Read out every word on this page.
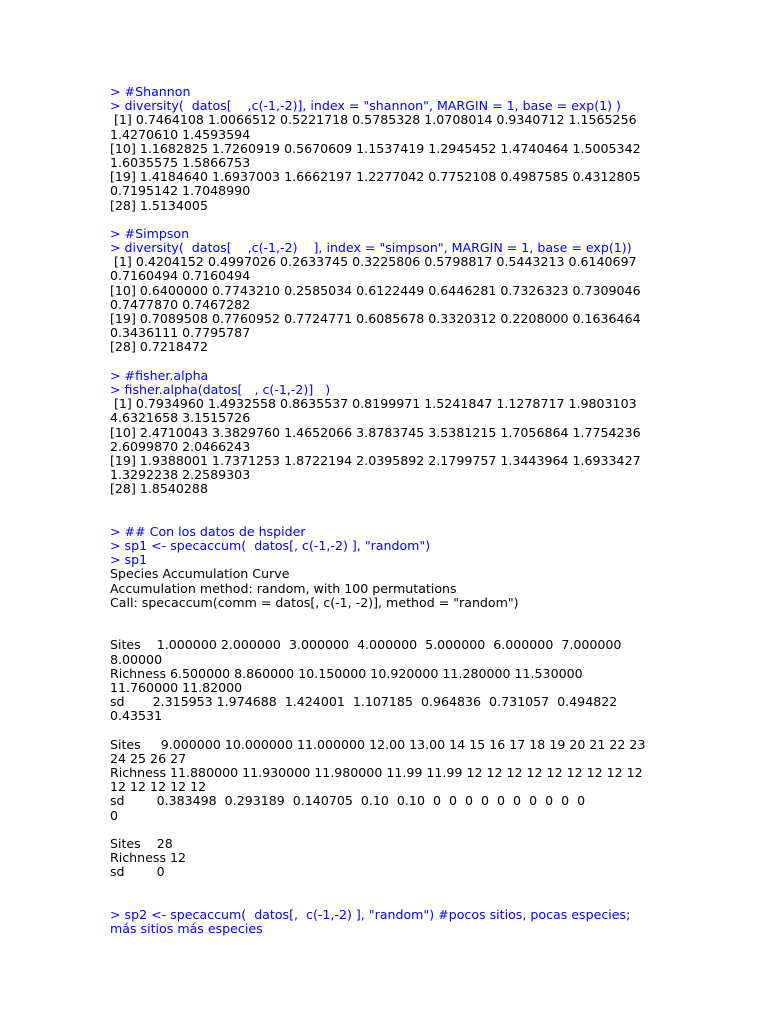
> #Shannon
> diversity(  datos[    ,c(-1,-2)], index = "shannon", MARGIN = 1, base = exp(1) )
[1] 0.7464108 1.0066512 0.5221718 0.5785328 1.0708014 0.9340712 1.1565256
1.4270610 1.4593594
[10] 1.1682825 1.7260919 0.5670609 1.1537419 1.2945452 1.4740464 1.5005342
1.6035575 1.5866753
[19] 1.4184640 1.6937003 1.6662197 1.2277042 0.7752108 0.4987585 0.4312805
0.7195142 1.7048990
[28] 1.5134005
> #Simpson
> diversity(  datos[    ,c(-1,-2)    ], index = "simpson", MARGIN = 1, base = exp(1))
[1] 0.4204152 0.4997026 0.2633745 0.3225806 0.5798817 0.5443213 0.6140697
0.7160494 0.7160494
[10] 0.6400000 0.7743210 0.2585034 0.6122449 0.6446281 0.7326323 0.7309046
0.7477870 0.7467282
[19] 0.7089508 0.7760952 0.7724771 0.6085678 0.3320312 0.2208000 0.1636464
0.3436111 0.7795787
[28] 0.7218472
> #fisher.alpha
> fisher.alpha(datos[   , c(-1,-2)]   )
[1] 0.7934960 1.4932558 0.8635537 0.8199971 1.5241847 1.1278717 1.9803103
4.6321658 3.1515726
[10] 2.4710043 3.3829760 1.4652066 3.8783745 3.5381215 1.7056864 1.7754236
2.6099870 2.0466243
[19] 1.9388001 1.7371253 1.8722194 2.0395892 2.1799757 1.3443964 1.6933427
1.3292238 2.2589303
[28] 1.8540288
> ## Con los datos de hspider
> sp1 <- specaccum(  datos[, c(-1,-2) ], "random")
> sp1
Species Accumulation Curve
Accumulation method: random, with 100 permutations
Call: specaccum(comm = datos[, c(-1, -2)], method = "random")
Sites    1.000000 2.000000  3.000000  4.000000  5.000000  6.000000  7.000000
8.00000
Richness 6.500000 8.860000 10.150000 10.920000 11.280000 11.530000
11.760000 11.82000
sd       2.315953 1.974688  1.424001  1.107185  0.964836  0.731057  0.494822
0.43531
Sites     9.000000 10.000000 11.000000 12.00 13.00 14 15 16 17 18 19 20 21 22 23
24 25 26 27
Richness 11.880000 11.930000 11.980000 11.99 11.99 12 12 12 12 12 12 12 12 12
12 12 12 12 12
sd        0.383498  0.293189  0.140705  0.10  0.10  0  0  0  0  0  0  0  0  0  0
0
Sites    28
Richness 12
sd        0
> sp2 <- specaccum(  datos[,  c(-1,-2) ], "random") #pocos sitios, pocas especies;
más sitios más especies
